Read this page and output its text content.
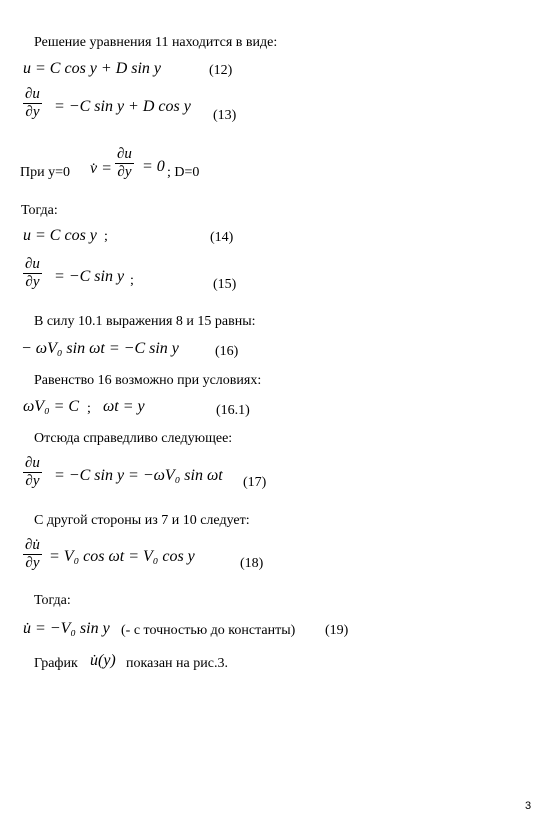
Решение уравнения 11 находится в виде:
u = C cos y + D sin y	(12)
∂u
∂y = −C sin y + D cos y
(13)
При y=0 v̇ =
∂u
∂y = 0 ; D=0
Тогда:
u = C cos y ;	(14)
∂u
∂y = −C sin y ;	(15)
В силу 10.1 выражения 8 и 15 равны:
− ωV₀ sin ωt = −C sin y	(16)
Равенство 16 возможно при условиях:
ωV₀ = C ; ωt = y	(16.1)
Отсюда справедливо следующее:
∂u
∂y = −C sin y = −ωV₀ sin ωt (17)
С другой стороны из 7 и 10 следует:
∂u̇
∂y = V₀ cos ωt = V₀ cos y	(18)
Тогда:
u̇ = −V₀ sin y (- с точностью до константы) (19)
График u̇(y) показан на рис.3.
3
